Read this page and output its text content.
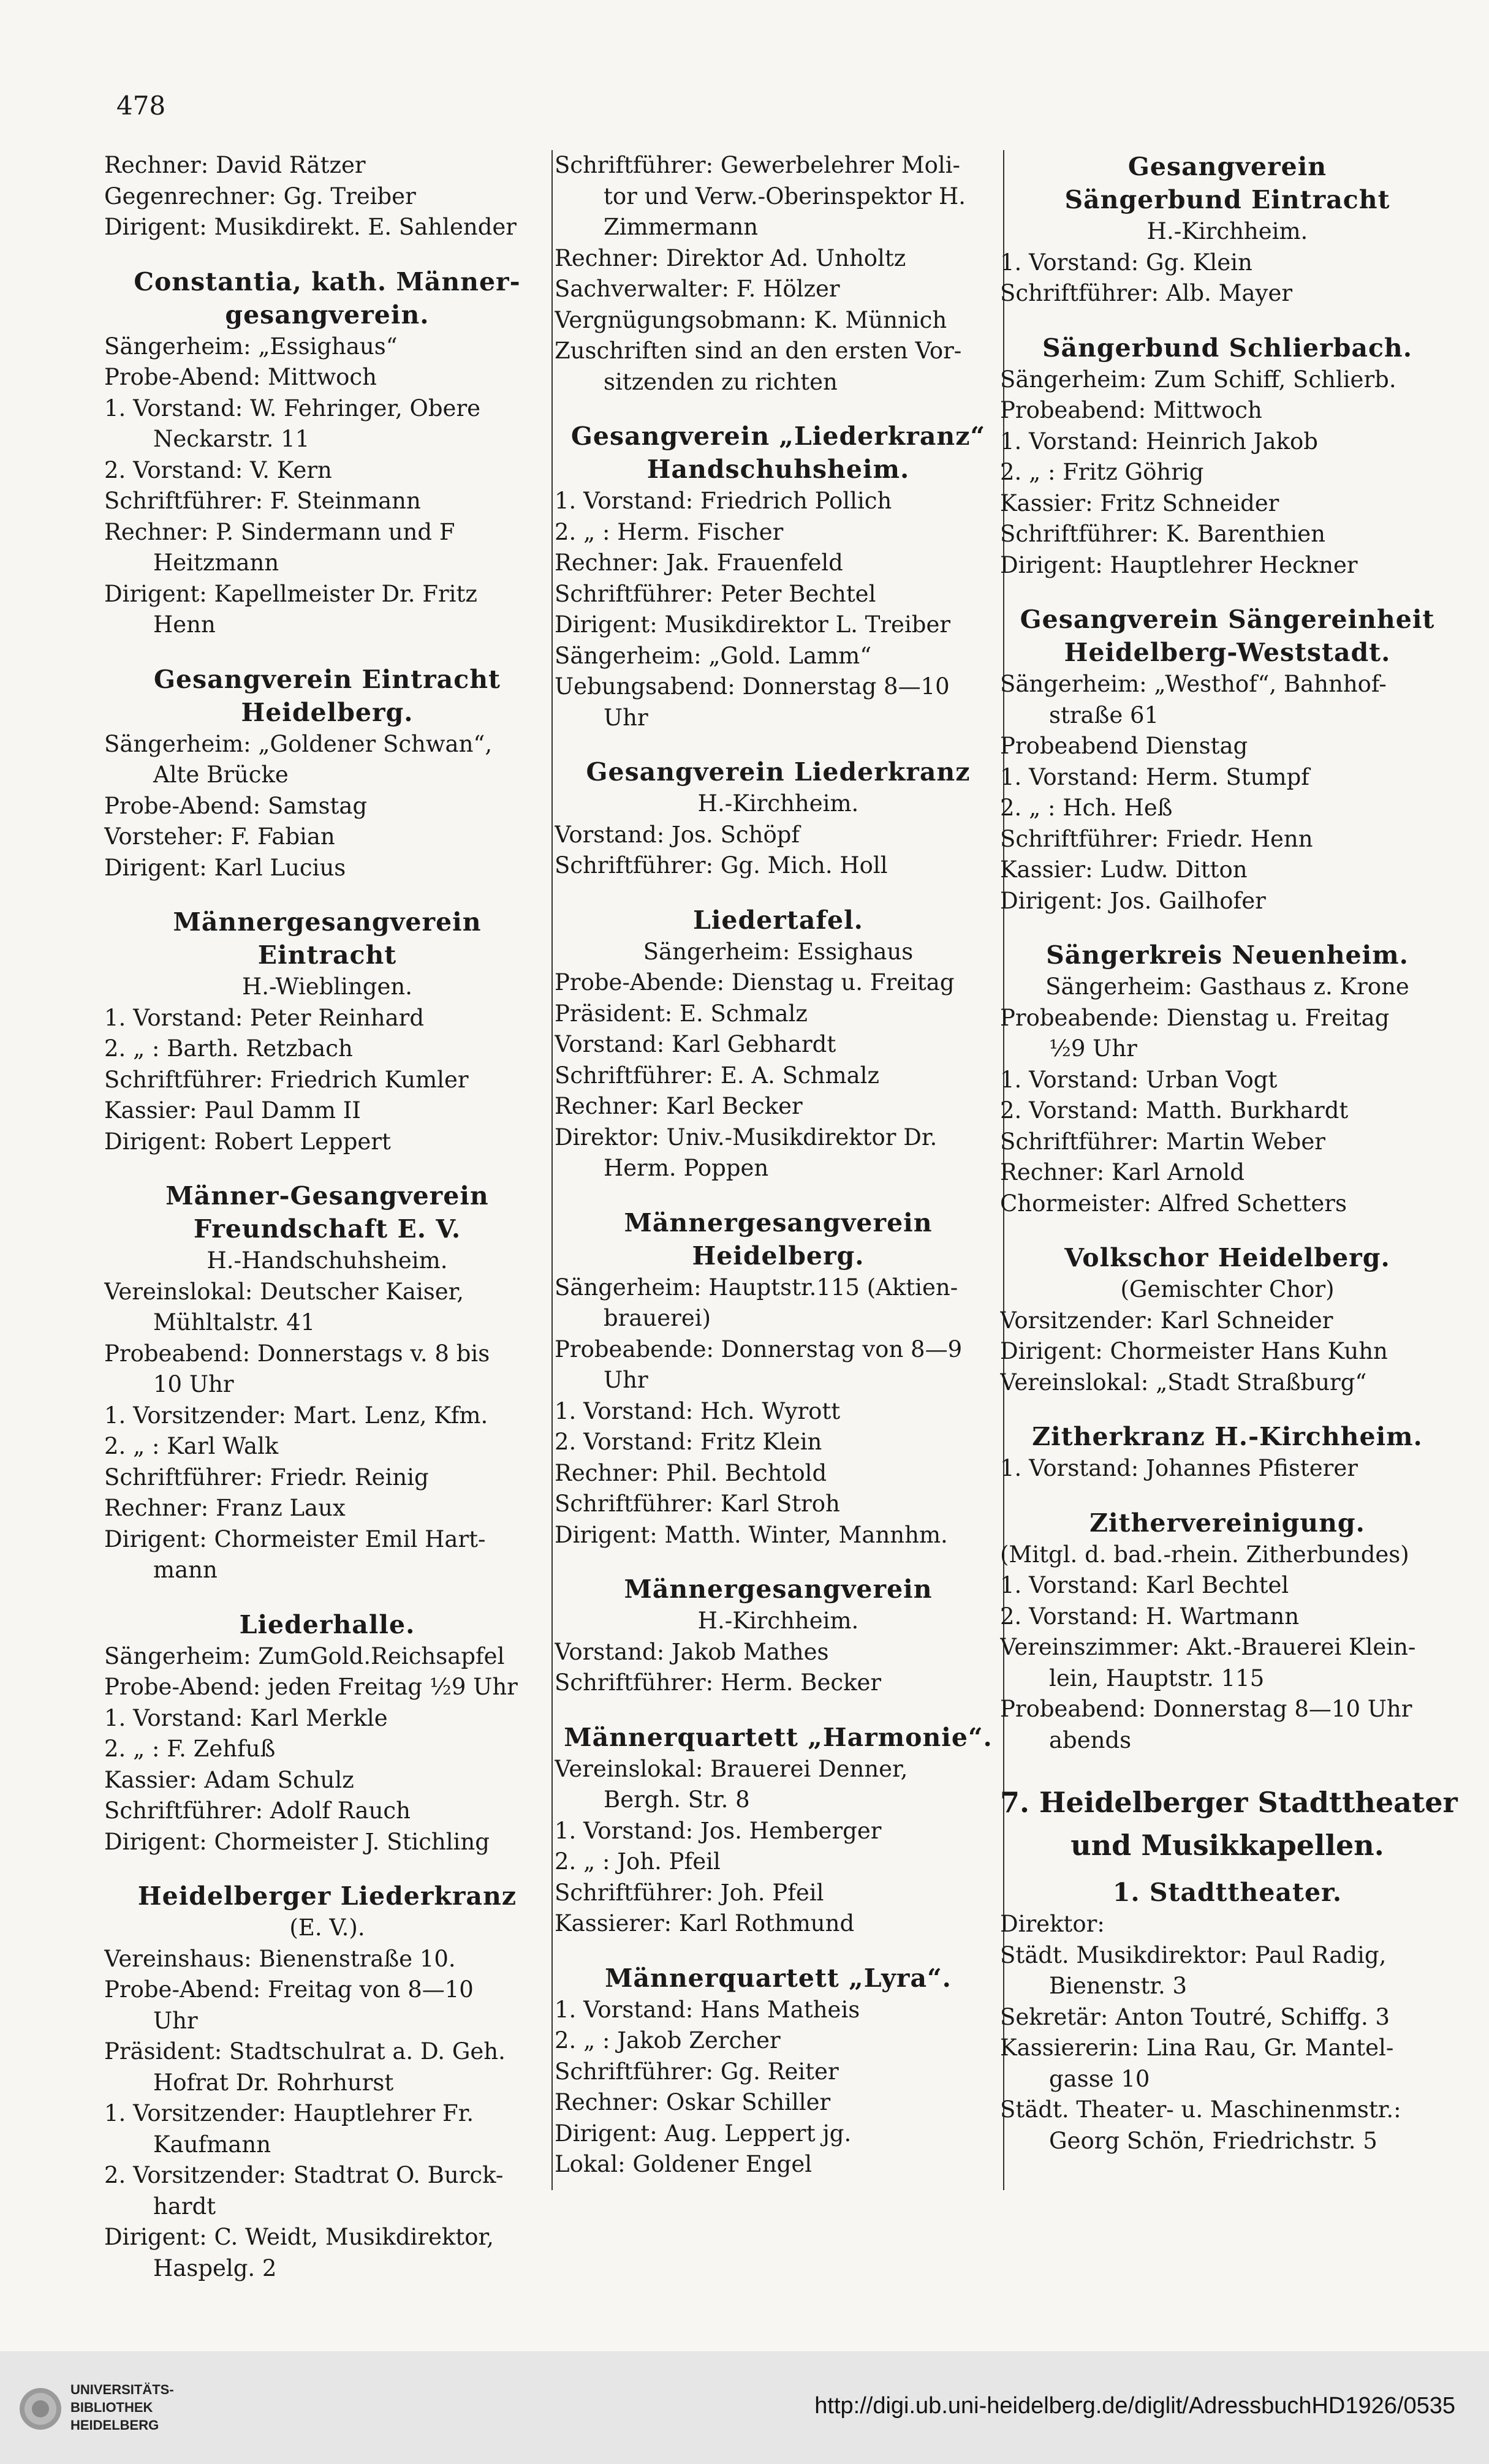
478
Rechner: David Rätzer
Gegenrechner: Gg. Treiber
Dirigent: Musikdirekt. E. Sahlender
Constantia, kath. Männer-
gesangverein.
Sängerheim: „Essighaus“
Probe-Abend: Mittwoch
1. Vorstand: W. Fehringer, Obere
Neckarstr. 11
2. Vorstand: V. Kern
Schriftführer: F. Steinmann
Rechner: P. Sindermann und F
Heitzmann
Dirigent: Kapellmeister Dr. Fritz
Henn
Gesangverein Eintracht
Heidelberg.
Sängerheim: „Goldener Schwan“,
Alte Brücke
Probe-Abend: Samstag
Vorsteher: F. Fabian
Dirigent: Karl Lucius
Männergesangverein
Eintracht
H.-Wieblingen.
1. Vorstand: Peter Reinhard
2. „ : Barth. Retzbach
Schriftführer: Friedrich Kumler
Kassier: Paul Damm II
Dirigent: Robert Leppert
Männer-Gesangverein
Freundschaft E. V.
H.-Handschuhsheim.
Vereinslokal: Deutscher Kaiser,
Mühltalstr. 41
Probeabend: Donnerstags v. 8 bis
10 Uhr
1. Vorsitzender: Mart. Lenz, Kfm.
2. „ : Karl Walk
Schriftführer: Friedr. Reinig
Rechner: Franz Laux
Dirigent: Chormeister Emil Hart-
mann
Liederhalle.
Sängerheim: ZumGold.Reichsapfel
Probe-Abend: jeden Freitag ½9 Uhr
1. Vorstand: Karl Merkle
2. „ : F. Zehfuß
Kassier: Adam Schulz
Schriftführer: Adolf Rauch
Dirigent: Chormeister J. Stichling
Heidelberger Liederkranz
(E. V.).
Vereinshaus: Bienenstraße 10.
Probe-Abend: Freitag von 8—10
Uhr
Präsident: Stadtschulrat a. D. Geh.
Hofrat Dr. Rohrhurst
1. Vorsitzender: Hauptlehrer Fr.
Kaufmann
2. Vorsitzender: Stadtrat O. Burck-
hardt
Dirigent: C. Weidt, Musikdirektor,
Haspelg. 2
Schriftführer: Gewerbelehrer Moli-
tor und Verw.-Oberinspektor H.
Zimmermann
Rechner: Direktor Ad. Unholtz
Sachverwalter: F. Hölzer
Vergnügungsobmann: K. Münnich
Zuschriften sind an den ersten Vor-
sitzenden zu richten
Gesangverein „Liederkranz“
Handschuhsheim.
1. Vorstand: Friedrich Pollich
2. „ : Herm. Fischer
Rechner: Jak. Frauenfeld
Schriftführer: Peter Bechtel
Dirigent: Musikdirektor L. Treiber
Sängerheim: „Gold. Lamm“
Uebungsabend: Donnerstag 8—10
Uhr
Gesangverein Liederkranz
H.-Kirchheim.
Vorstand: Jos. Schöpf
Schriftführer: Gg. Mich. Holl
Liedertafel.
Sängerheim: Essighaus
Probe-Abende: Dienstag u. Freitag
Präsident: E. Schmalz
Vorstand: Karl Gebhardt
Schriftführer: E. A. Schmalz
Rechner: Karl Becker
Direktor: Univ.-Musikdirektor Dr.
Herm. Poppen
Männergesangverein
Heidelberg.
Sängerheim: Hauptstr.115 (Aktien-
brauerei)
Probeabende: Donnerstag von 8—9
Uhr
1. Vorstand: Hch. Wyrott
2. Vorstand: Fritz Klein
Rechner: Phil. Bechtold
Schriftführer: Karl Stroh
Dirigent: Matth. Winter, Mannhm.
Männergesangverein
H.-Kirchheim.
Vorstand: Jakob Mathes
Schriftführer: Herm. Becker
Männerquartett „Harmonie“.
Vereinslokal: Brauerei Denner,
Bergh. Str. 8
1. Vorstand: Jos. Hemberger
2. „ : Joh. Pfeil
Schriftführer: Joh. Pfeil
Kassierer: Karl Rothmund
Männerquartett „Lyra“.
1. Vorstand: Hans Matheis
2. „ : Jakob Zercher
Schriftführer: Gg. Reiter
Rechner: Oskar Schiller
Dirigent: Aug. Leppert jg.
Lokal: Goldener Engel
Gesangverein
Sängerbund Eintracht
H.-Kirchheim.
1. Vorstand: Gg. Klein
Schriftführer: Alb. Mayer
Sängerbund Schlierbach.
Sängerheim: Zum Schiff, Schlierb.
Probeabend: Mittwoch
1. Vorstand: Heinrich Jakob
2. „ : Fritz Göhrig
Kassier: Fritz Schneider
Schriftführer: K. Barenthien
Dirigent: Hauptlehrer Heckner
Gesangverein Sängereinheit
Heidelberg-Weststadt.
Sängerheim: „Westhof“, Bahnhof-
straße 61
Probeabend Dienstag
1. Vorstand: Herm. Stumpf
2. „ : Hch. Heß
Schriftführer: Friedr. Henn
Kassier: Ludw. Ditton
Dirigent: Jos. Gailhofer
Sängerkreis Neuenheim.
Sängerheim: Gasthaus z. Krone
Probeabende: Dienstag u. Freitag
½9 Uhr
1. Vorstand: Urban Vogt
2. Vorstand: Matth. Burkhardt
Schriftführer: Martin Weber
Rechner: Karl Arnold
Chormeister: Alfred Schetters
Volkschor Heidelberg.
(Gemischter Chor)
Vorsitzender: Karl Schneider
Dirigent: Chormeister Hans Kuhn
Vereinslokal: „Stadt Straßburg“
Zitherkranz H.-Kirchheim.
1. Vorstand: Johannes Pfisterer
Zithervereinigung.
(Mitgl. d. bad.-rhein. Zitherbundes)
1. Vorstand: Karl Bechtel
2. Vorstand: H. Wartmann
Vereinszimmer: Akt.-Brauerei Klein-
lein, Hauptstr. 115
Probeabend: Donnerstag 8—10 Uhr
abends
7. Heidelberger Stadttheater
und Musikkapellen.
1. Stadttheater.
Direktor:
Städt. Musikdirektor: Paul Radig,
Bienenstr. 3
Sekretär: Anton Toutré, Schiffg. 3
Kassiererin: Lina Rau, Gr. Mantel-
gasse 10
Städt. Theater- u. Maschinenmstr.:
Georg Schön, Friedrichstr. 5
UNIVERSITÄTS-
BIBLIOTHEK
HEIDELBERG
http://digi.ub.uni-heidelberg.de/diglit/AdressbuchHD1926/0535
